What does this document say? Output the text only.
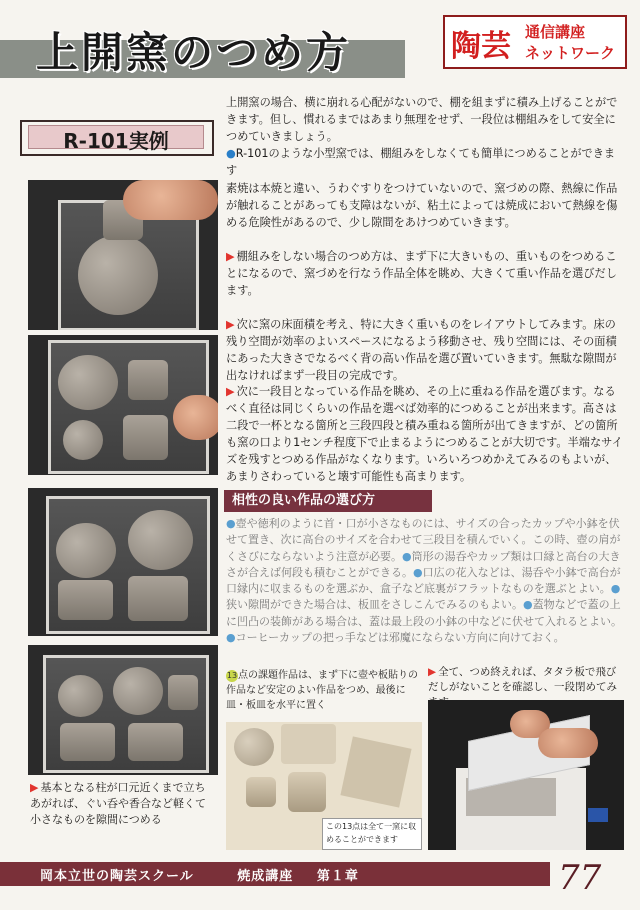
上開窯のつめ方	陶芸 通信講座
ネットワーク
R-101実例
上開窯の場合、横に崩れる心配がないので、棚を組まずに積み上げることができます。但し、慣れるまではあまり無理をせず、一段位は棚組みをして安全につめていきましょう。
●R-101のような小型窯では、棚組みをしなくても簡単につめることができます
素焼は本焼と違い、うわぐすりをつけていないので、窯づめの際、熱線に作品が触れることがあっても支障はないが、粘土によっては焼成において熱線を傷める危険性があるので、少し隙間をあけつめていきます。
▶ 棚組みをしない場合のつめ方は、まず下に大きいもの、重いものをつめることになるので、窯づめを行なう作品全体を眺め、大きくて重い作品を選びだします。
▶ 次に窯の床面積を考え、特に大きく重いものをレイアウトしてみます。床の残り空間が効率のよいスペースになるよう移動させ、残り空間には、その面積にあった大きさでなるべく背の高い作品を選び置いていきます。無駄な隙間が出なければまず一段目の完成です。
▶ 次に一段目となっている作品を眺め、その上に重ねる作品を選びます。なるべく直径は同じくらいの作品を選べば効率的につめることが出来ます。高さは二段で一杯となる箇所と三段四段と積み重ねる箇所が出てきますが、どの箇所も窯の口より1センチ程度下で止まるようにつめることが大切です。半端なサイズを残すとつめる作品がなくなります。いろいろつめかえてみるのもよいが、あまりさわっていると壊す可能性も高まります。
相性の良い作品の選び方
●壺や徳利のように首・口が小さなものには、サイズの合ったカップや小鉢を伏せて置き、次に高台のサイズを合わせて三段目を積んでいく。この時、壺の肩がくさびにならないよう注意が必要。●筒形の湯呑やカップ類は口縁と高台の大きさが合えば何段も積むことができる。●口広の花入などは、湯呑や小鉢で高台が口縁内に収まるものを選ぶか、盒子など底裏がフラットなものを選ぶとよい。●狭い隙間ができた場合は、板皿をさしこんでみるのもよい。●蓋物などで蓋の上に凹凸の装飾がある場合は、蓋は最上段の小鉢の中などに伏せて入れるとよい。●コーヒーカップの把っ手などは邪魔にならない方向に向けておく。
▶ 基本となる柱が口元近くまで立ちあがれば、ぐい呑や香合など軽くて小さなものを隙間につめる
13点の課題作品は、まず下に壺や板貼りの作品など安定のよい作品をつめ、最後に皿・板皿を水平に置く
この13点は全て一窯に収めることができます
▶ 全て、つめ終えれば、タタラ板で飛びだしがないことを確認し、一段閉めてみ
岡本立世の陶芸スクール	焼成講座 第１章	77
